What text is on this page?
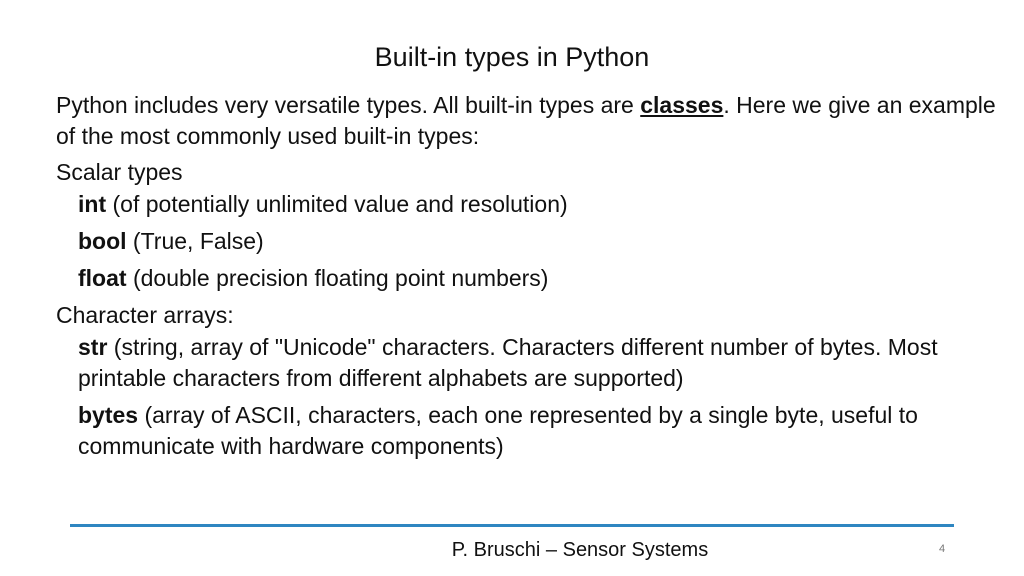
Built-in types in Python

Python includes very versatile types. All built-in types are classes. Here we give an example of the most commonly used built-in types:

Scalar types

int (of potentially unlimited value and resolution)

bool (True, False)

float (double precision floating point numbers)

Character arrays:

str (string, array of "Unicode" characters. Characters different number of bytes. Most printable characters from different alphabets are supported)

bytes (array of ASCII, characters, each one represented by a single byte, useful to communicate with hardware components)

P. Bruschi – Sensor Systems	4
